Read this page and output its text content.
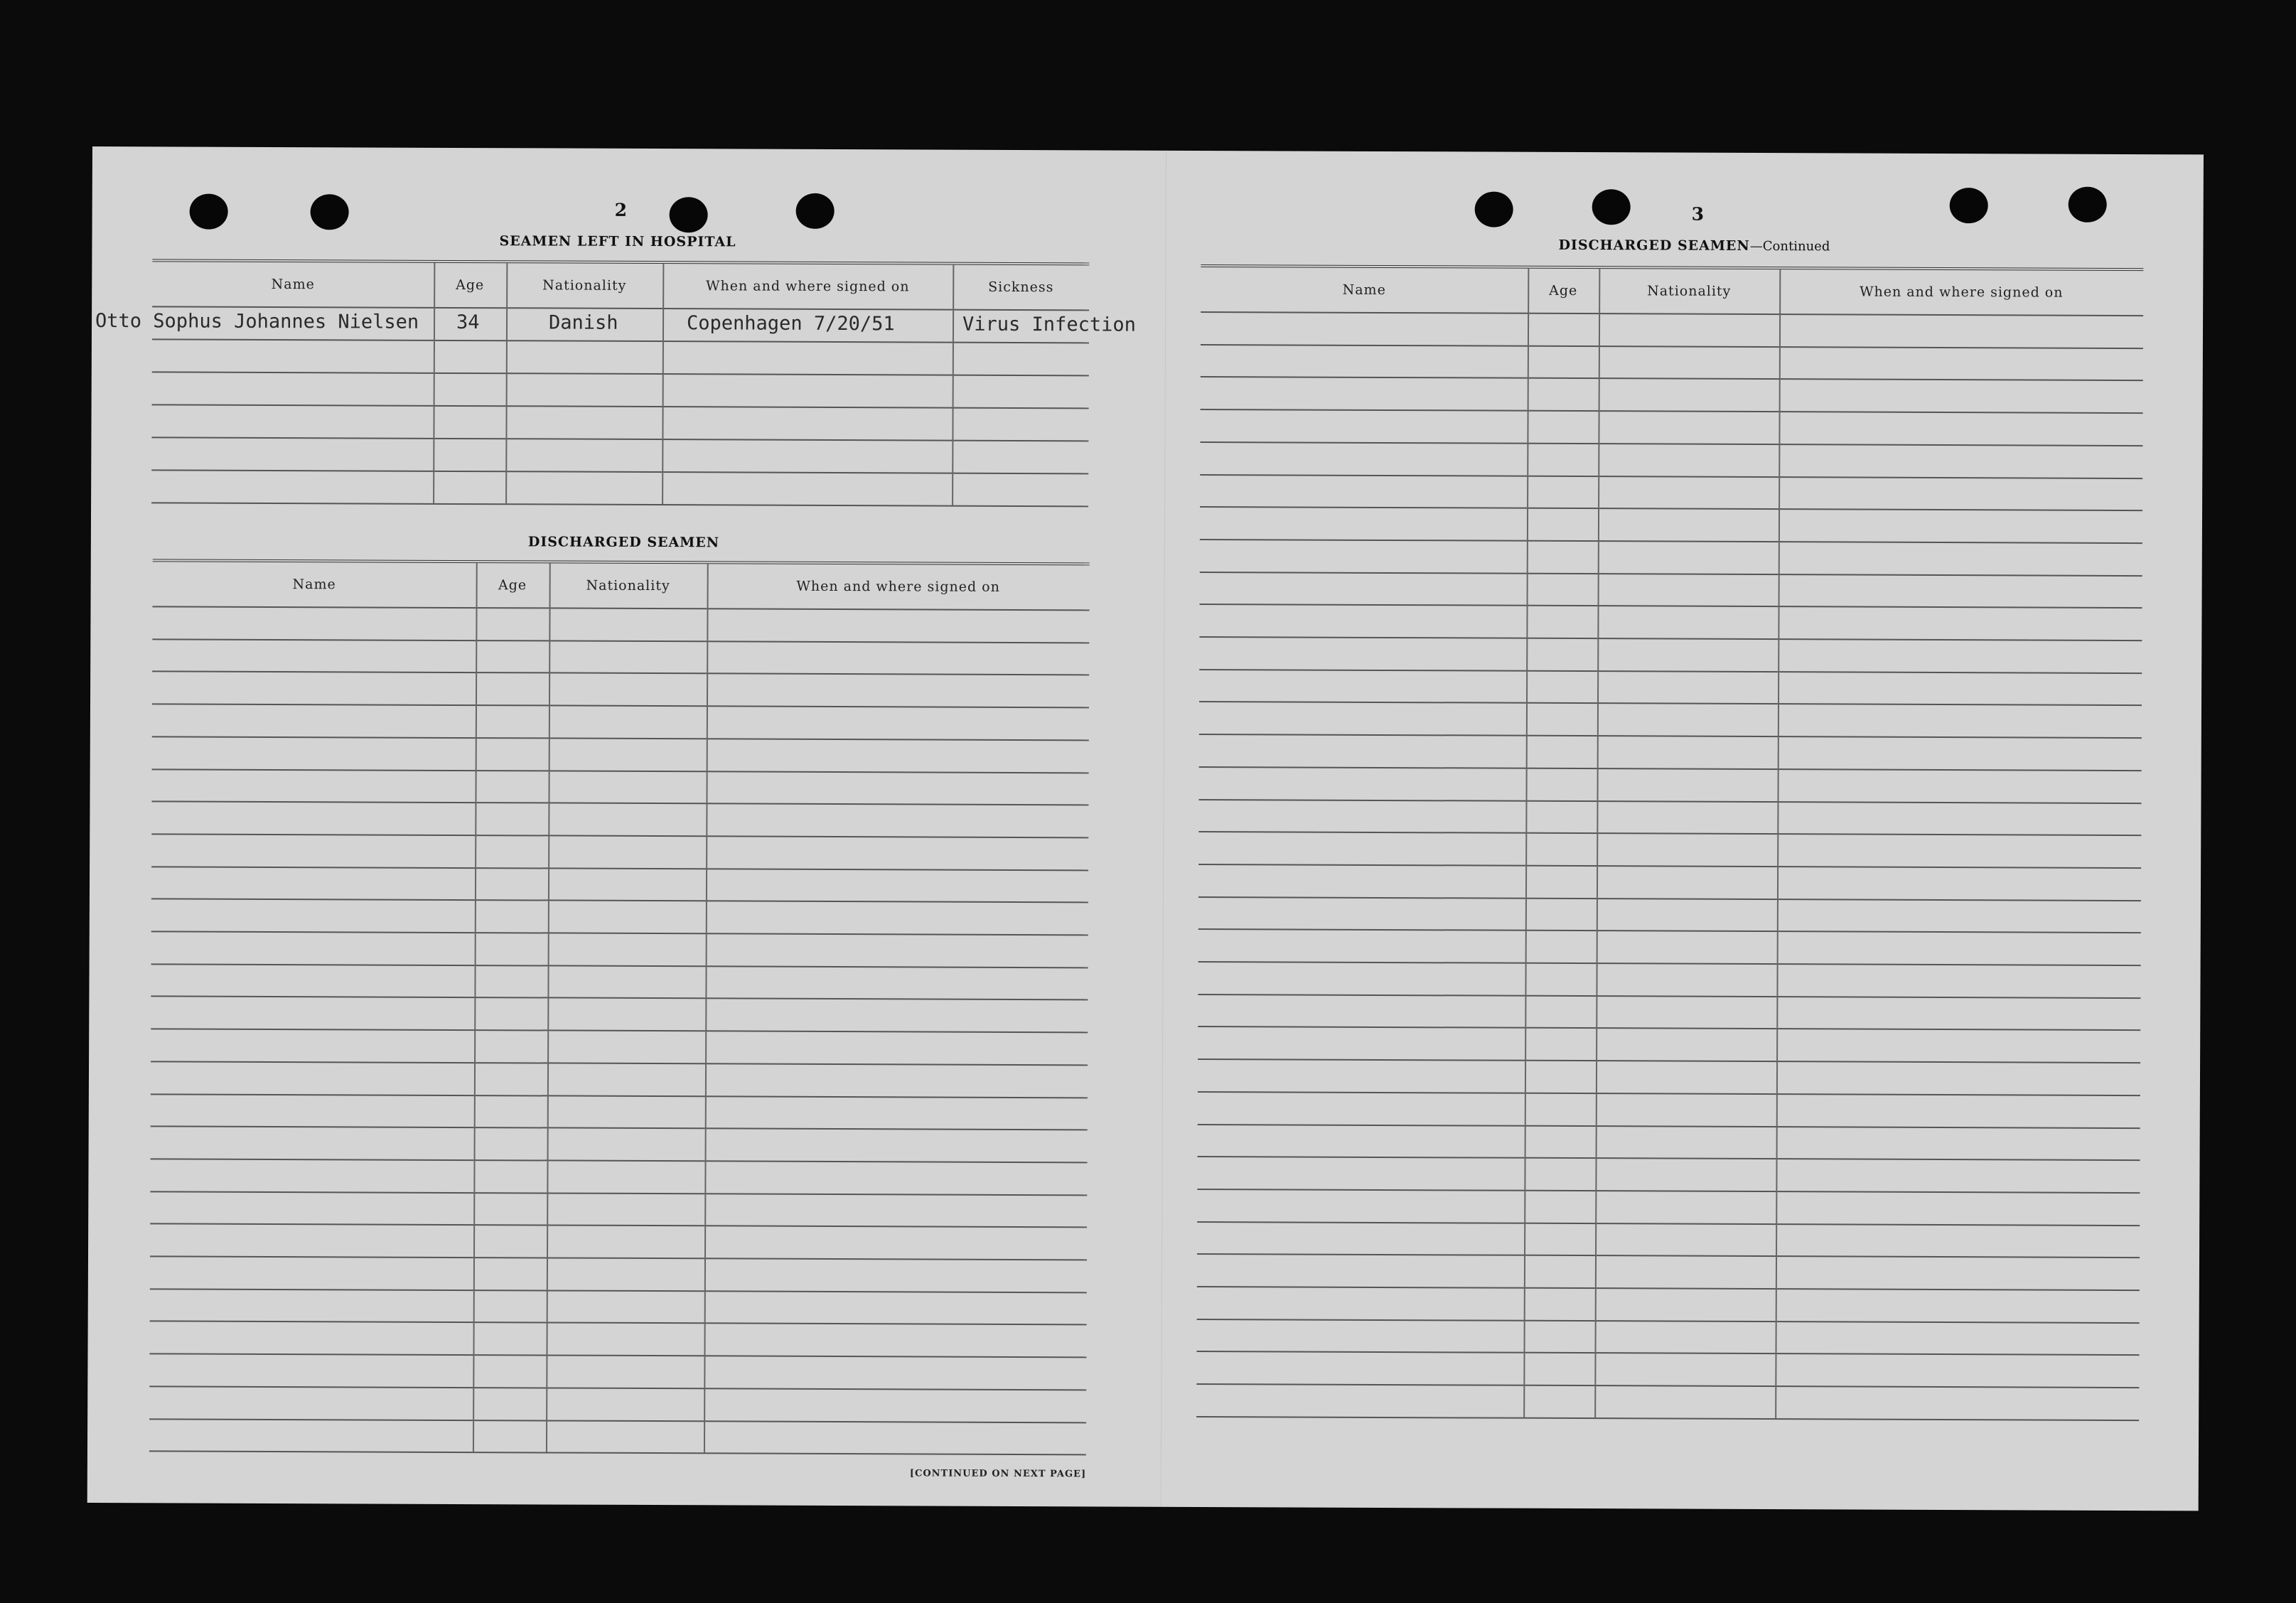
2
SEAMEN LEFT IN HOSPITAL
Name	Age	Nationality	When and where signed on	Sickness
Otto Sophus Johannes Nielsen 34	Danish	Copenhagen 7/20/51	Virus Infection
DISCHARGED SEAMEN
Name	Age	Nationality	When and where signed on
[CONTINUED ON NEXT PAGE]
3
DISCHARGED SEAMEN—Continued
Name	Age	Nationality	When and where signed on
